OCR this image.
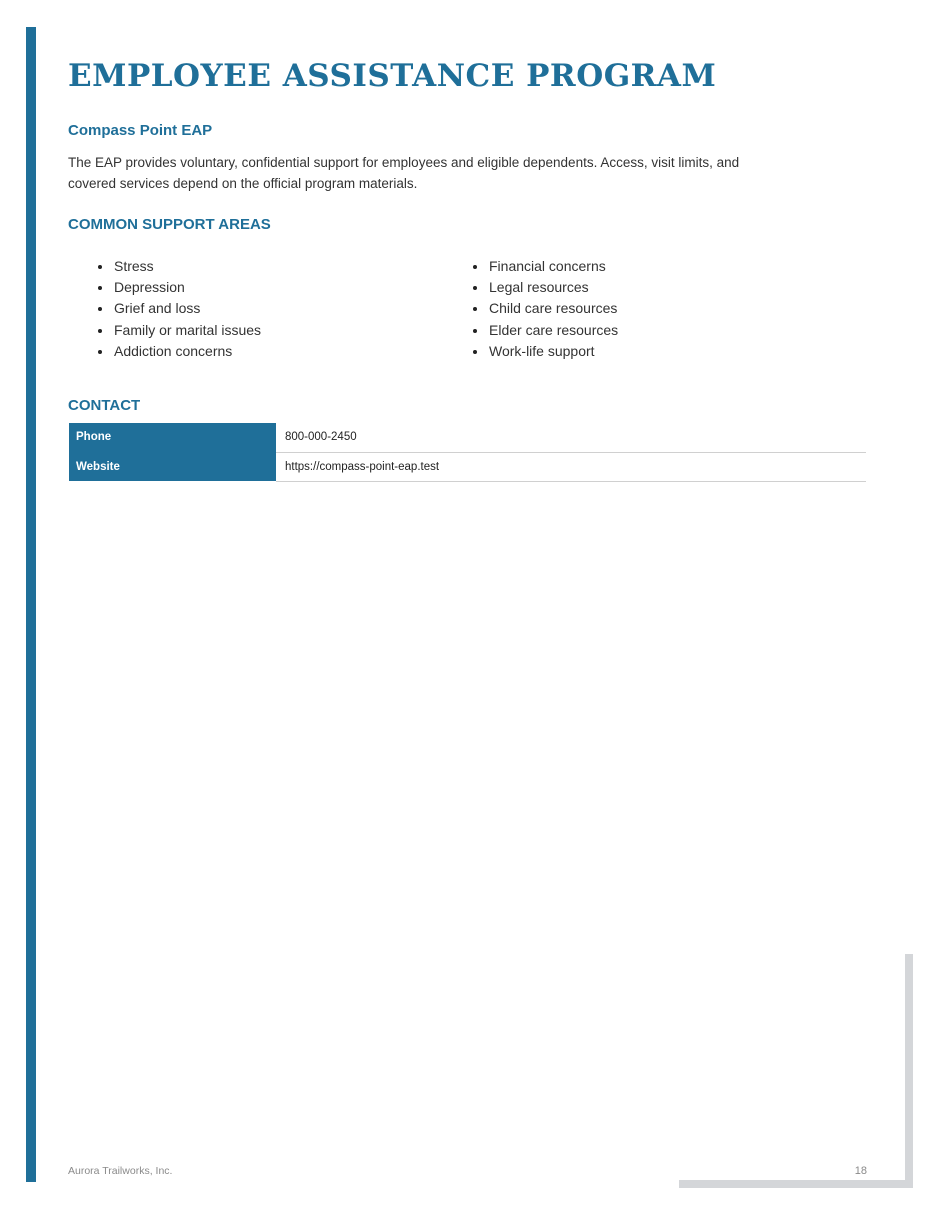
EMPLOYEE ASSISTANCE PROGRAM
Compass Point EAP

The EAP provides voluntary, confidential support for employees and eligible dependents. Access, visit limits, and covered services depend on the official program materials.

COMMON SUPPORT AREAS
Stress
Depression
Grief and loss
Family or marital issues
Addiction concerns
Financial concerns
Legal resources
Child care resources
Elder care resources
Work-life support
CONTACT
Phone	800-000-2450
Website	https://compass-point-eap.test
Aurora Trailworks, Inc.	18
